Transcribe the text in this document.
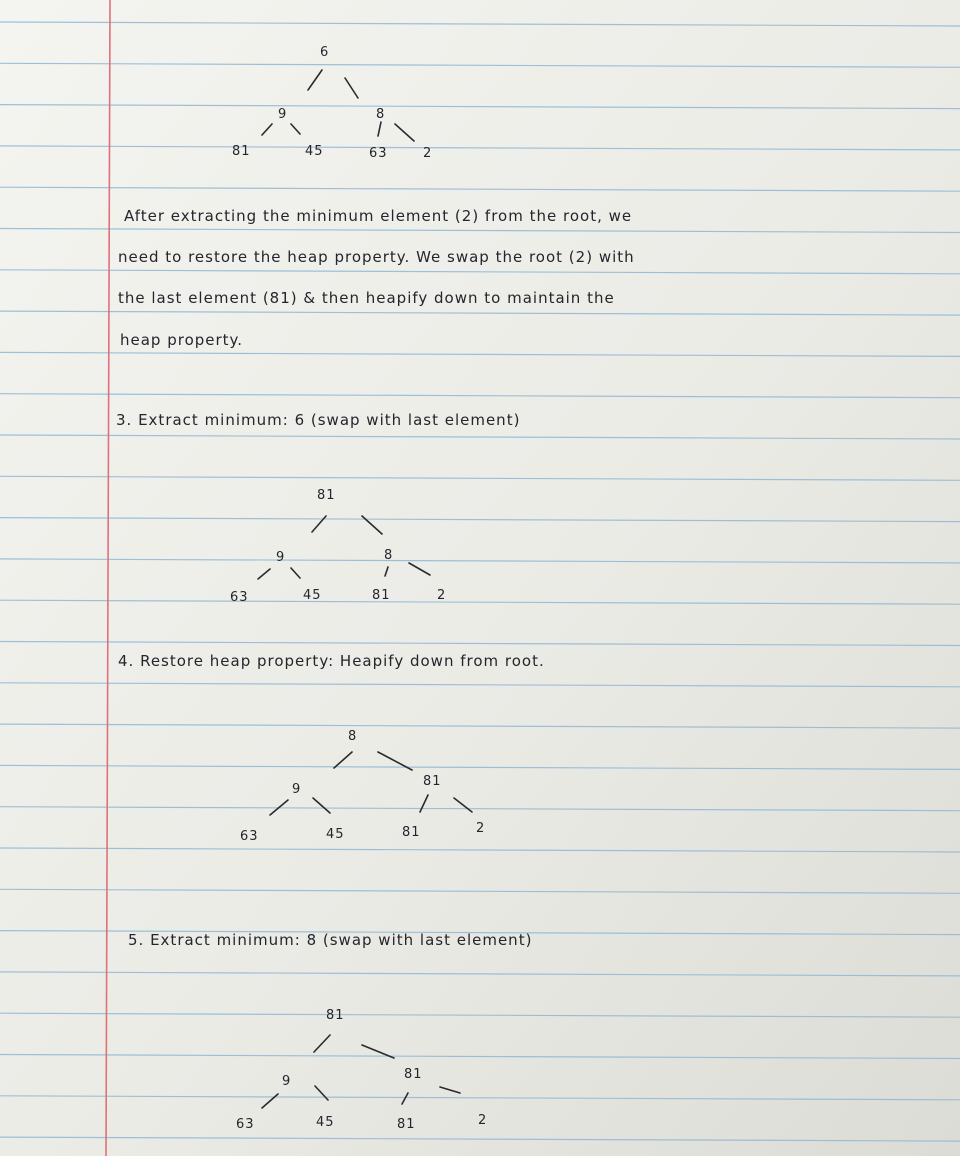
6
9	8
81	45	63	2
After extracting the minimum element (2) from the root, we
need to restore the heap property. We swap the root (2) with
the last element (81) & then heapify down to maintain the
heap property.
3. Extract minimum: 6 (swap with last element)
81
9	8
63	45	81	2
4. Restore heap property: Heapify down from root.
8
9
81
63	45	81	2
5. Extract minimum: 8 (swap with last element)
81
9	81
63	45	81	2
